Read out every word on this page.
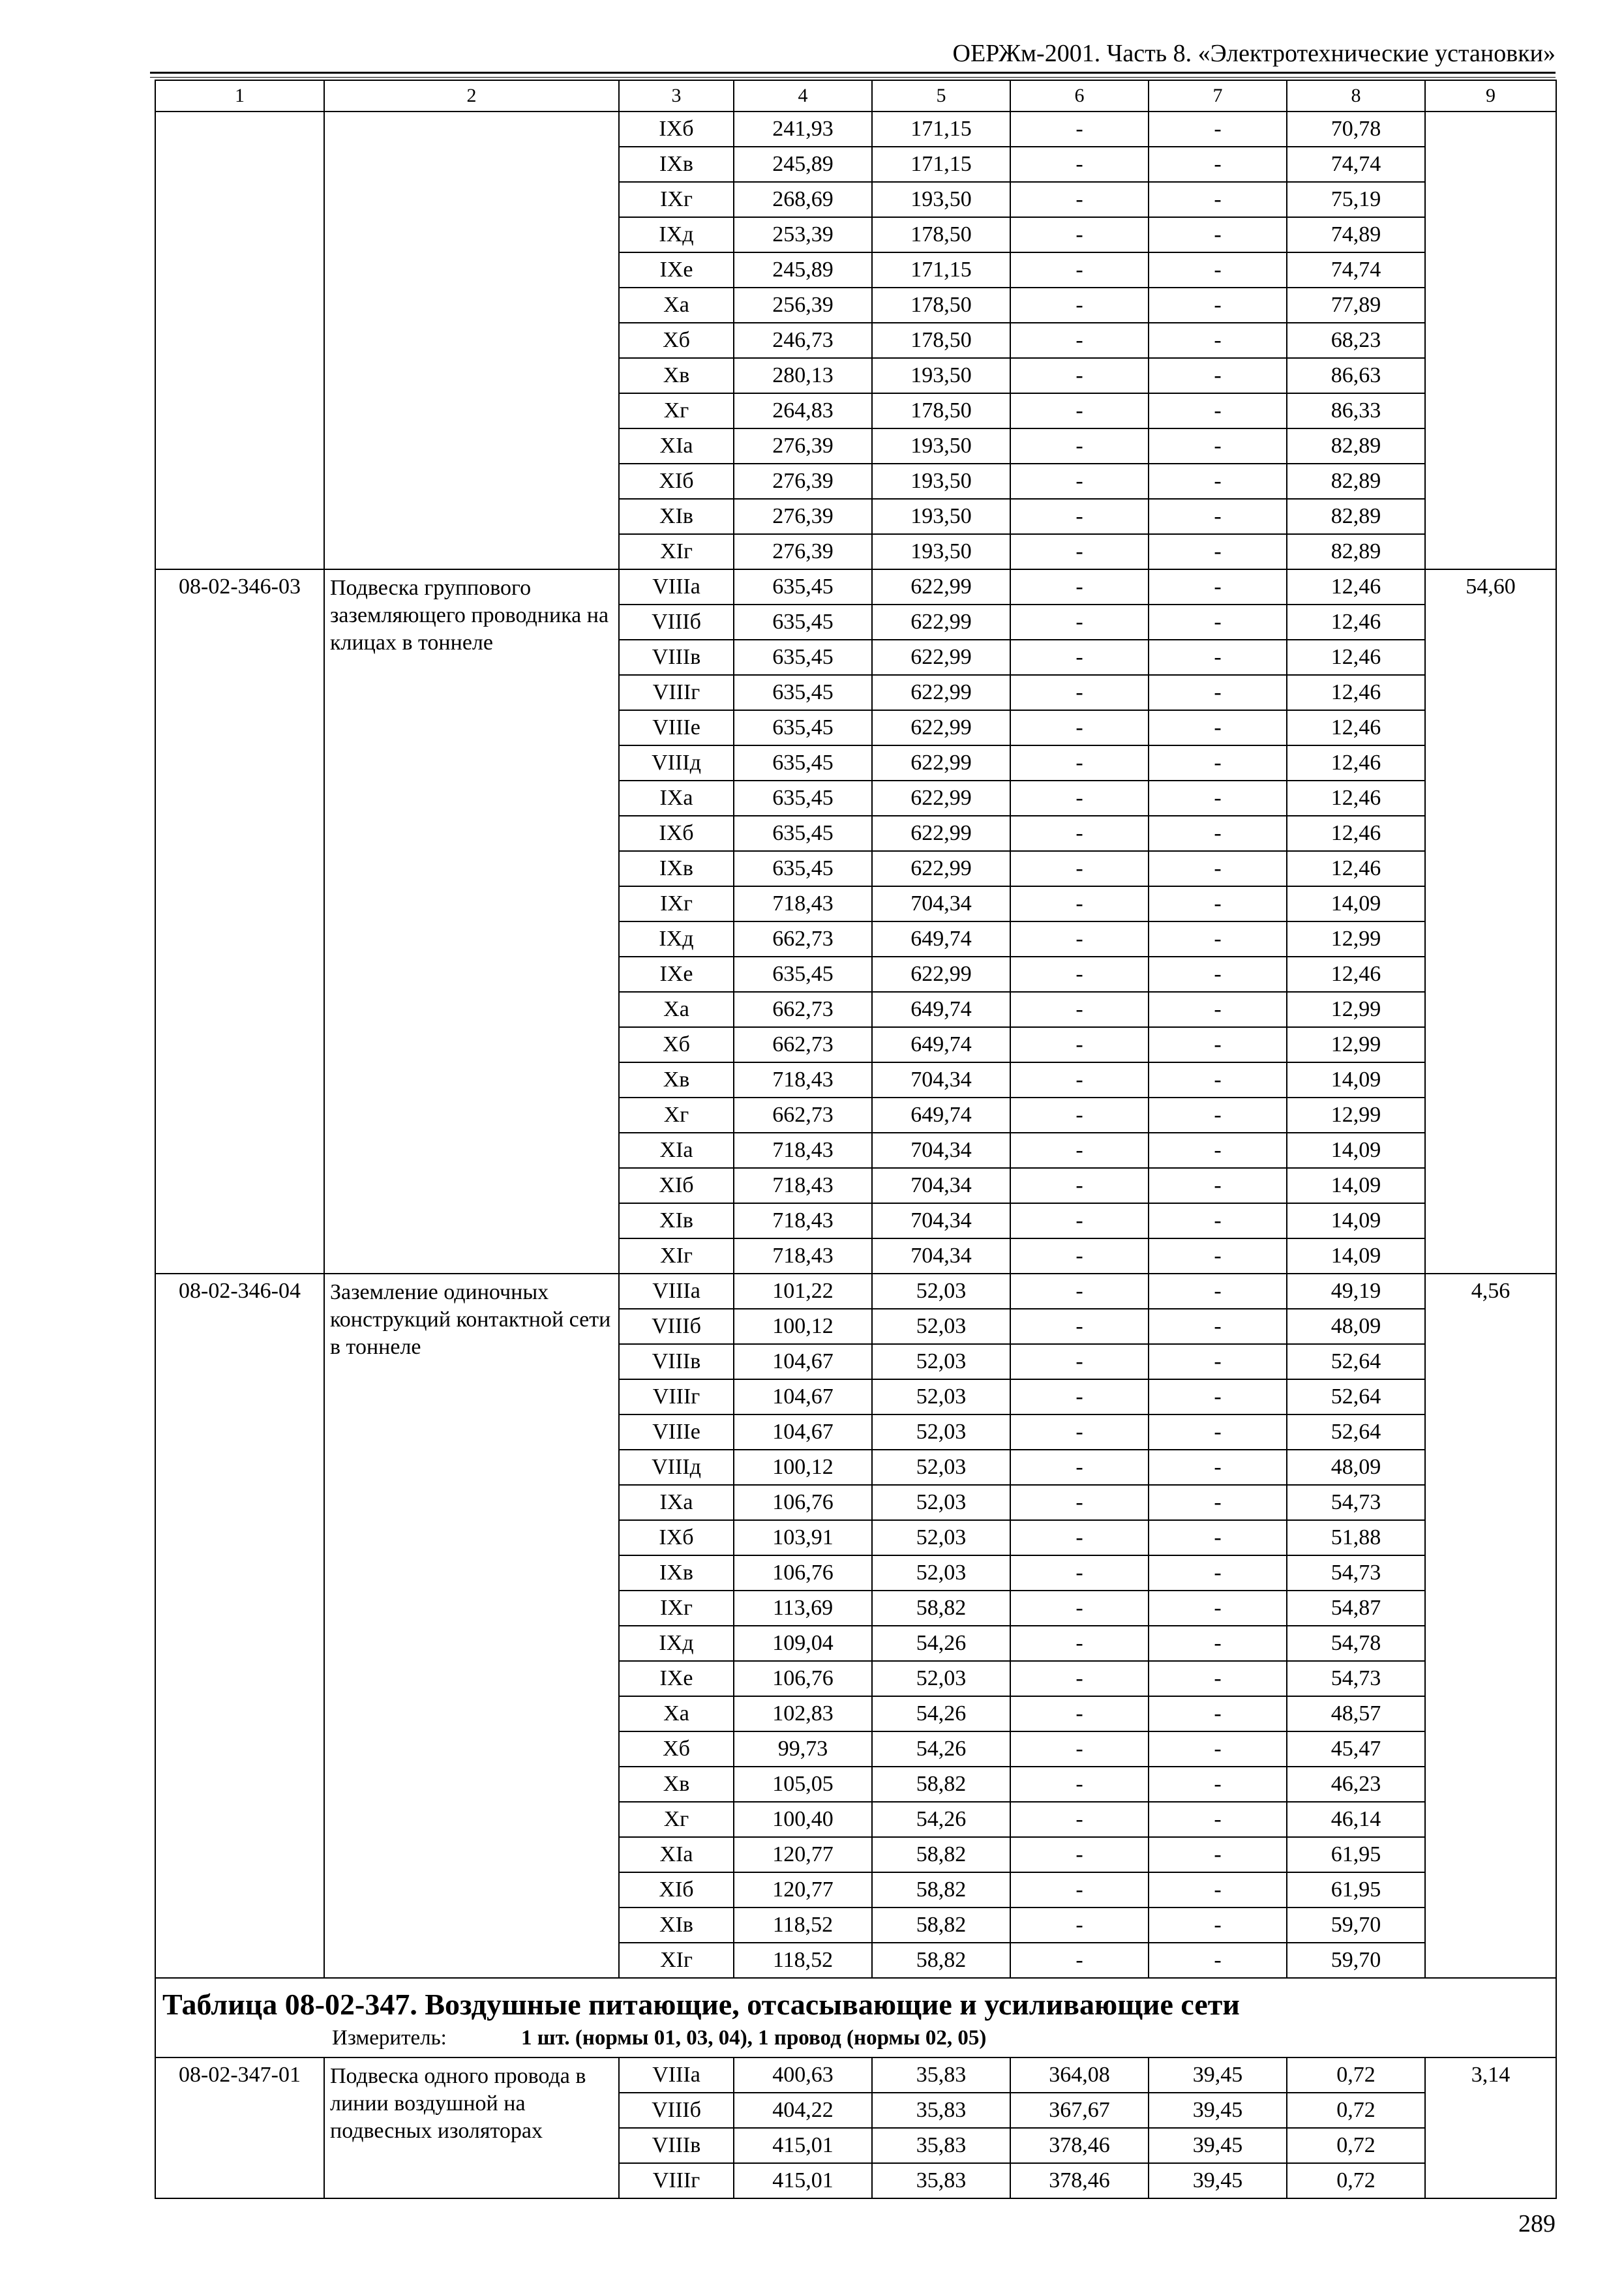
ОЕРЖм-2001. Часть 8. «Электротехнические установки»
1	2	3	4	5	6	7	8	9
		IXб	241,93	171,15	-	-	70,78	
		IXв	245,89	171,15	-	-	74,74	
		IXг	268,69	193,50	-	-	75,19	
		IXд	253,39	178,50	-	-	74,89	
		IXе	245,89	171,15	-	-	74,74	
		Xа	256,39	178,50	-	-	77,89	
		Xб	246,73	178,50	-	-	68,23	
		Xв	280,13	193,50	-	-	86,63	
		Xг	264,83	178,50	-	-	86,33	
		XIа	276,39	193,50	-	-	82,89	
		XIб	276,39	193,50	-	-	82,89	
		XIв	276,39	193,50	-	-	82,89	
		XIг	276,39	193,50	-	-	82,89	
08-02-346-03	Подвеска группового заземляющего проводника на клицах в тоннеле	VIIIа	635,45	622,99	-	-	12,46	54,60
		VIIIб	635,45	622,99	-	-	12,46	
		VIIIв	635,45	622,99	-	-	12,46	
		VIIIг	635,45	622,99	-	-	12,46	
		VIIIе	635,45	622,99	-	-	12,46	
		VIIIд	635,45	622,99	-	-	12,46	
		IXа	635,45	622,99	-	-	12,46	
		IXб	635,45	622,99	-	-	12,46	
		IXв	635,45	622,99	-	-	12,46	
		IXг	718,43	704,34	-	-	14,09	
		IXд	662,73	649,74	-	-	12,99	
		IXе	635,45	622,99	-	-	12,46	
		Xа	662,73	649,74	-	-	12,99	
		Xб	662,73	649,74	-	-	12,99	
		Xв	718,43	704,34	-	-	14,09	
		Xг	662,73	649,74	-	-	12,99	
		XIа	718,43	704,34	-	-	14,09	
		XIб	718,43	704,34	-	-	14,09	
		XIв	718,43	704,34	-	-	14,09	
		XIг	718,43	704,34	-	-	14,09	
08-02-346-04	Заземление одиночных конструкций контактной сети в тоннеле	VIIIа	101,22	52,03	-	-	49,19	4,56
		VIIIб	100,12	52,03	-	-	48,09	
		VIIIв	104,67	52,03	-	-	52,64	
		VIIIг	104,67	52,03	-	-	52,64	
		VIIIе	104,67	52,03	-	-	52,64	
		VIIIд	100,12	52,03	-	-	48,09	
		IXа	106,76	52,03	-	-	54,73	
		IXб	103,91	52,03	-	-	51,88	
		IXв	106,76	52,03	-	-	54,73	
		IXг	113,69	58,82	-	-	54,87	
		IXд	109,04	54,26	-	-	54,78	
		IXе	106,76	52,03	-	-	54,73	
		Xа	102,83	54,26	-	-	48,57	
		Xб	99,73	54,26	-	-	45,47	
		Xв	105,05	58,82	-	-	46,23	
		Xг	100,40	54,26	-	-	46,14	
		XIа	120,77	58,82	-	-	61,95	
		XIб	120,77	58,82	-	-	61,95	
		XIв	118,52	58,82	-	-	59,70	
		XIг	118,52	58,82	-	-	59,70	

Таблица 08-02-347. Воздушные питающие, отсасывающие и усиливающие сети
Измеритель: 1 шт. (нормы 01, 03, 04), 1 провод (нормы 02, 05)								

08-02-347-01	Подвеска одного провода в линии воздушной на подвесных изоляторах	VIIIа	400,63	35,83	364,08	39,45	0,72	3,14
		VIIIб	404,22	35,83	367,67	39,45	0,72	
		VIIIв	415,01	35,83	378,46	39,45	0,72	
		VIIIг	415,01	35,83	378,46	39,45	0,72	
289
